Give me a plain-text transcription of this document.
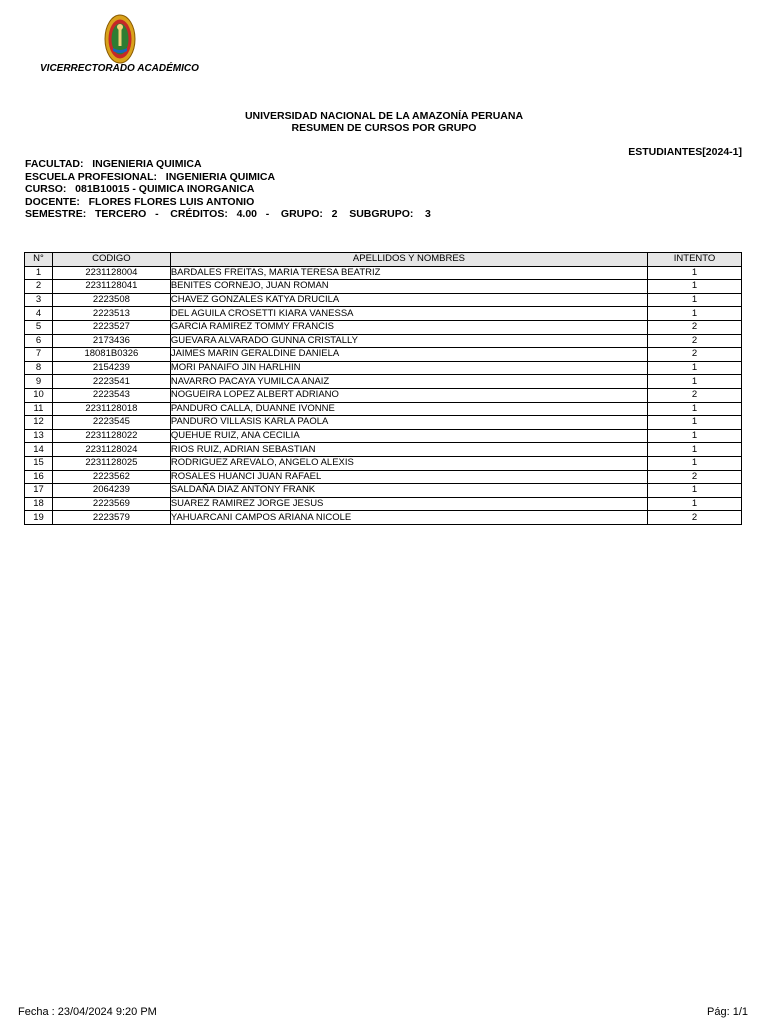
VICERRECTORADO ACADÉMICO
UNIVERSIDAD NACIONAL DE LA AMAZONÍA PERUANA
RESUMEN DE CURSOS POR GRUPO
ESTUDIANTES[2024-1]
FACULTAD:   INGENIERIA QUIMICA
ESCUELA PROFESIONAL:   INGENIERIA QUIMICA
CURSO:   081B10015 - QUIMICA INORGANICA
DOCENTE:   FLORES FLORES LUIS ANTONIO
SEMESTRE:   TERCERO   -    CRÉDITOS:   4.00   -    GRUPO:   2    SUBGRUPO:    3
N°	CODIGO	APELLIDOS Y NOMBRES	INTENTO
1	2231128004	BARDALES FREITAS, MARIA TERESA BEATRIZ	1
2	2231128041	BENITES CORNEJO, JUAN ROMAN	1
3	2223508	CHAVEZ GONZALES KATYA DRUCILA	1
4	2223513	DEL AGUILA CROSETTI KIARA VANESSA	1
5	2223527	GARCIA RAMIREZ TOMMY FRANCIS	2
6	2173436	GUEVARA ALVARADO GUNNA CRISTALLY	2
7	18081B0326	JAIMES MARIN GERALDINE DANIELA	2
8	2154239	MORI PANAIFO JIN HARLHIN	1
9	2223541	NAVARRO PACAYA YUMILCA ANAIZ	1
10	2223543	NOGUEIRA LOPEZ ALBERT ADRIANO	2
11	2231128018	PANDURO CALLA, DUANNE IVONNE	1
12	2223545	PANDURO VILLASIS KARLA PAOLA	1
13	2231128022	QUEHUE RUIZ, ANA CECILIA	1
14	2231128024	RIOS RUIZ, ADRIAN SEBASTIAN	1
15	2231128025	RODRIGUEZ AREVALO, ANGELO ALEXIS	1
16	2223562	ROSALES HUANCI JUAN RAFAEL	2
17	2064239	SALDAÑA DIAZ ANTONY FRANK	1
18	2223569	SUAREZ RAMIREZ JORGE JESUS	1
19	2223579	YAHUARCANI CAMPOS ARIANA NICOLE	2
Fecha : 23/04/2024 9:20 PM	Pág: 1/1
